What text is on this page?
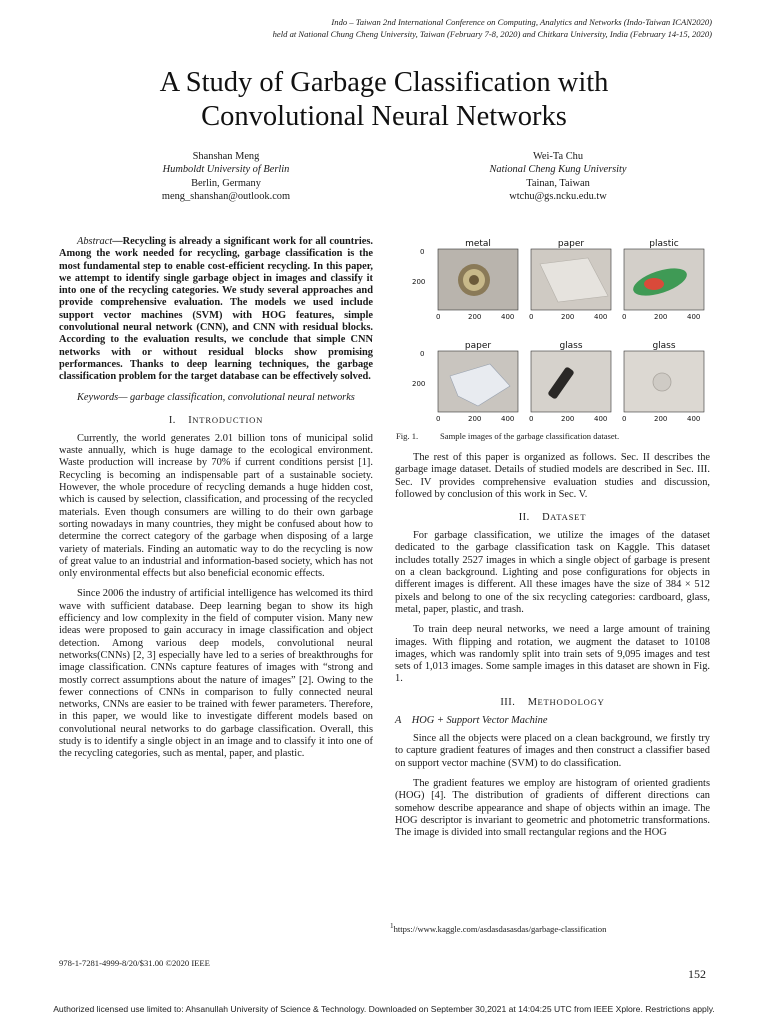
Indo – Taiwan 2nd International Conference on Computing, Analytics and Networks (Indo-Taiwan ICAN2020)
held at National Chung Cheng University, Taiwan (February 7-8, 2020) and Chitkara University, India (February 14-15, 2020)
A Study of Garbage Classification with
Convolutional Neural Networks
Shanshan Meng
Humboldt University of Berlin
Berlin, Germany
meng_shanshan@outlook.com
Wei-Ta Chu
National Cheng Kung University
Tainan, Taiwan
wtchu@gs.ncku.edu.tw

Abstract—Recycling is already a significant work for all countries. Among the work needed for recycling, garbage classification is the most fundamental step to enable cost-efficient recycling. In this paper, we attempt to identify single garbage object in images and classify it into one of the recycling categories. We study several approaches and provide comprehensive evaluation. The models we used include support vector machines (SVM) with HOG features, simple convolutional neural network (CNN), and CNN with residual blocks. According to the evaluation results, we conclude that simple CNN networks with or without residual blocks show promising performances. Thanks to deep learning techniques, the garbage classification problem for the target database can be effectively solved.

Keywords— garbage classification, convolutional neural networks

I. INTRODUCTION

Currently, the world generates 2.01 billion tons of municipal solid waste annually, which is huge damage to the ecological environment. Waste production will increase by 70% if current conditions persist [1]. Recycling is becoming an indispensable part of a sustainable society. However, the whole procedure of recycling demands a huge hidden cost, which is caused by selection, classification, and processing of the recycled materials. Even though consumers are willing to do their own garbage sorting nowadays in many countries, they might be confused about how to determine the correct category of the garbage when disposing of a large variety of materials. Finding an automatic way to do the recycling is now of great value to an industrial and information-based society, which has not only environmental effects but also beneficial economic effects.

Since 2006 the industry of artificial intelligence has welcomed its third wave with sufficient database. Deep learning began to show its high efficiency and low complexity in the field of computer vision. Many new ideas were proposed to gain accuracy in image classification and object detection. Among various deep models, convolutional neural networks(CNNs) [2, 3] especially have led to a series of breakthroughs for image classification. CNNs capture features of images with “strong and mostly correct assumptions about the nature of images” [2]. Owing to the fewer connections of CNNs in comparison to fully connected neural networks, CNNs are easier to be trained with fewer parameters. Therefore, in this paper, we would like to investigate different models based on convolutional neural networks to do garbage classification. Overall, this study is to identify a single object in an image and to classify it into one of the recycling categories, such as mental, paper, and plastic.

metal	paper	plastic
0
200
0	200	400 0	200	400 0	200	400
paper	glass	glass
0
200
0	200	400 0	200	400 0	200	400
Fig. 1.	Sample images of the garbage classification dataset.

The rest of this paper is organized as follows. Sec. II describes the garbage image dataset. Details of studied models are described in Sec. III. Sec. IV provides comprehensive evaluation studies and discussion, followed by conclusion of this work in Sec. V.

II. DATASET

For garbage classification, we utilize the images of the dataset dedicated to the garbage classification task on Kaggle. This dataset includes totally 2527 images in which a single object of garbage is present on a clean background. Lighting and pose configurations for objects in different images is different. All these images have the size of 384 × 512 pixels and belong to one of the six recycling categories: cardboard, glass, metal, paper, plastic, and trash.

To train deep neural networks, we need a large amount of training images. With flipping and rotation, we augment the dataset to 10108 images, which was randomly split into train sets of 9,095 images and test sets of 1,013 images. Some sample images in this dataset are shown in Fig. 1.

III. METHODOLOGY
A HOG + Support Vector Machine

Since all the objects were placed on a clean background, we firstly try to capture gradient features of images and then construct a classifier based on support vector machine (SVM) to do classification.

The gradient features we employ are histogram of oriented gradients (HOG) [4]. The distribution of gradients of different directions can somehow describe appearance and shape of objects within an image. The HOG descriptor is invariant to geometric and photometric transformations. The image is divided into small rectangular regions and the HOG

$^1$https://www.kaggle.com/asdasdasasdas/garbage-classification
978-1-7281-4999-8/20/$31.00 ©2020 IEEE
152
Authorized licensed use limited to: Ahsanullah University of Science & Technology. Downloaded on September 30,2021 at 14:04:25 UTC from IEEE Xplore. Restrictions apply.
